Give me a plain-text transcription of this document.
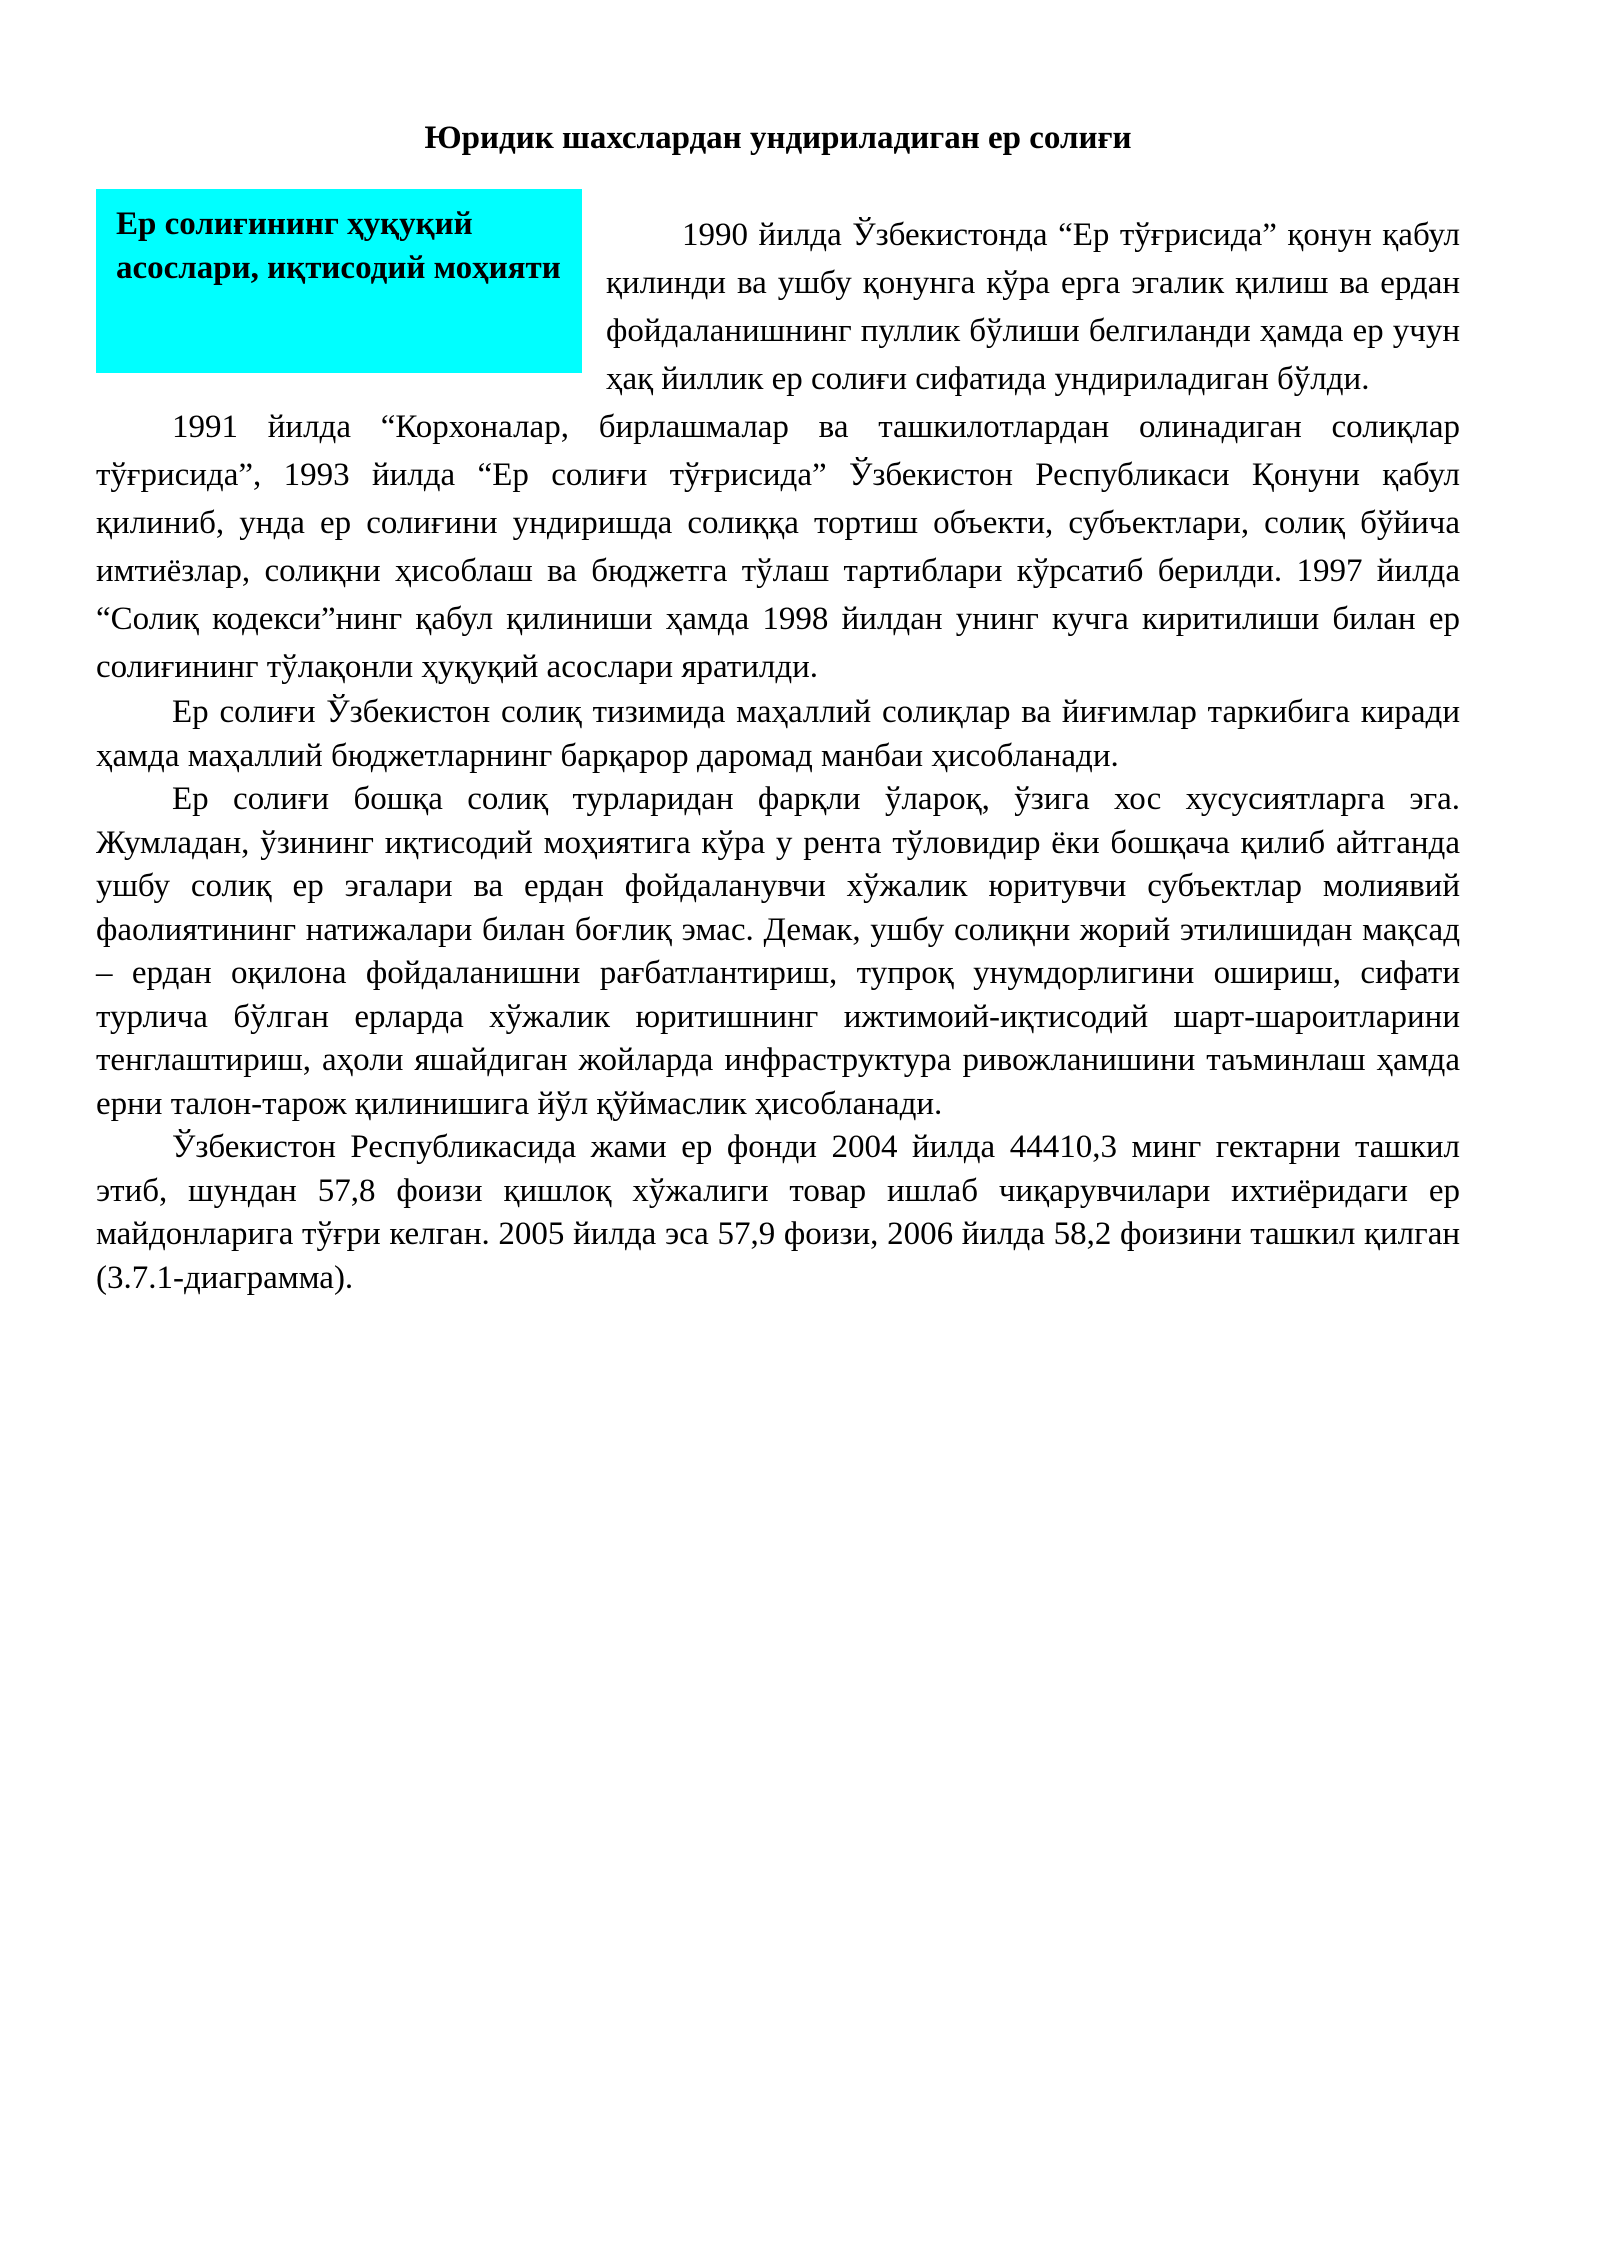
Юридик шахслардан ундириладиган ер солиғи
Ер солиғининг ҳуқуқий асослари, иқтисодий моҳияти

1990 йилда Ўзбекистонда “Ер тўғрисида” қонун қабул қилинди ва ушбу қонунга кўра ерга эгалик қилиш ва ердан фойдаланишнинг пуллик бўлиши белгиланди ҳамда ер учун ҳақ йиллик ер солиғи сифатида ундириладиган бўлди.

1991 йилда “Корхоналар, бирлашмалар ва ташкилотлардан олинадиган солиқлар тўғрисида”, 1993 йилда “Ер солиғи тўғрисида” Ўзбекистон Республикаси Қонуни қабул қилиниб, унда ер солиғини ундиришда солиққа тортиш объекти, субъектлари, солиқ бўйича имтиёзлар, солиқни ҳисоблаш ва бюджетга тўлаш тартиблари кўрсатиб берилди. 1997 йилда “Солиқ кодекси”нинг қабул қилиниши ҳамда 1998 йилдан унинг кучга киритилиши билан ер солиғининг тўлақонли ҳуқуқий асослари яратилди.

Ер солиғи Ўзбекистон солиқ тизимида маҳаллий солиқлар ва йиғимлар таркибига киради ҳамда маҳаллий бюджетларнинг барқарор даромад манбаи ҳисобланади.

Ер солиғи бошқа солиқ турларидан фарқли ўлароқ, ўзига хос хусусиятларга эга. Жумладан, ўзининг иқтисодий моҳиятига кўра у рента тўловидир ёки бошқача қилиб айтганда ушбу солиқ ер эгалари ва ердан фойдаланувчи хўжалик юритувчи субъектлар молиявий фаолиятининг натижалари билан боғлиқ эмас. Демак, ушбу солиқни жорий этилишидан мақсад – ердан оқилона фойдаланишни рағбатлантириш, тупроқ унумдорлигини ошириш, сифати турлича бўлган ерларда хўжалик юритишнинг ижтимоий-иқтисодий шарт-шароитларини тенглаштириш, аҳоли яшайдиган жойларда инфраструктура ривожланишини таъминлаш ҳамда ерни талон-тарож қилинишига йўл қўймаслик ҳисобланади.

Ўзбекистон Республикасида жами ер фонди 2004 йилда 44410,3 минг гектарни ташкил этиб, шундан 57,8 фоизи қишлоқ хўжалиги товар ишлаб чиқарувчилари ихтиёридаги ер майдонларига тўғри келган. 2005 йилда эса 57,9 фоизи, 2006 йилда 58,2 фоизини ташкил қилган (3.7.1-диаграмма).
